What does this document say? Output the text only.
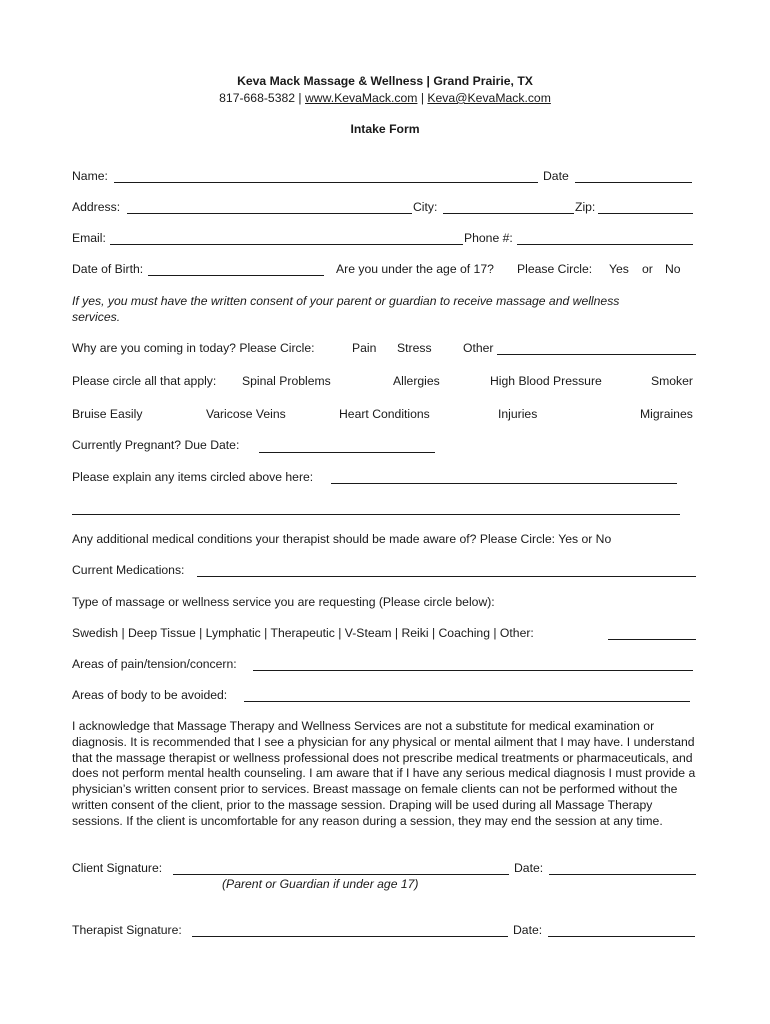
Keva Mack Massage & Wellness | Grand Prairie, TX
817-668-5382 | www.KevaMack.com | Keva@KevaMack.com
Intake Form
Name:	Date
Address:	City:	Zip:
Email:	Phone #:
Date of Birth:	Are you under the age of 17? Please Circle: Yes or No
If yes, you must have the written consent of your parent or guardian to receive massage and wellness
services.
Why are you coming in today? Please Circle:	Pain Stress	Other
Please circle all that apply: Spinal Problems	Allergies	High Blood Pressure	Smoker
Bruise Easily	Varicose Veins	Heart Conditions	Injuries	Migraines
Currently Pregnant? Due Date:
Please explain any items circled above here:
Any additional medical conditions your therapist should be made aware of? Please Circle: Yes or No
Current Medications:
Type of massage or wellness service you are requesting (Please circle below):
Swedish | Deep Tissue | Lymphatic | Therapeutic | V-Steam | Reiki | Coaching | Other:
Areas of pain/tension/concern:
Areas of body to be avoided:
I acknowledge that Massage Therapy and Wellness Services are not a substitute for medical examination or diagnosis. It is recommended that I see a physician for any physical or mental ailment that I may have. I understand that the massage therapist or wellness professional does not prescribe medical treatments or pharmaceuticals, and does not perform mental health counseling. I am aware that if I have any serious medical diagnosis I must provide a physician’s written consent prior to services. Breast massage on female clients can not be performed without the written consent of the client, prior to the massage session. Draping will be used during all Massage Therapy sessions. If the client is uncomfortable for any reason during a session, they may end the session at any time.
Client Signature:	Date:
(Parent or Guardian if under age 17)
Therapist Signature:	Date:
